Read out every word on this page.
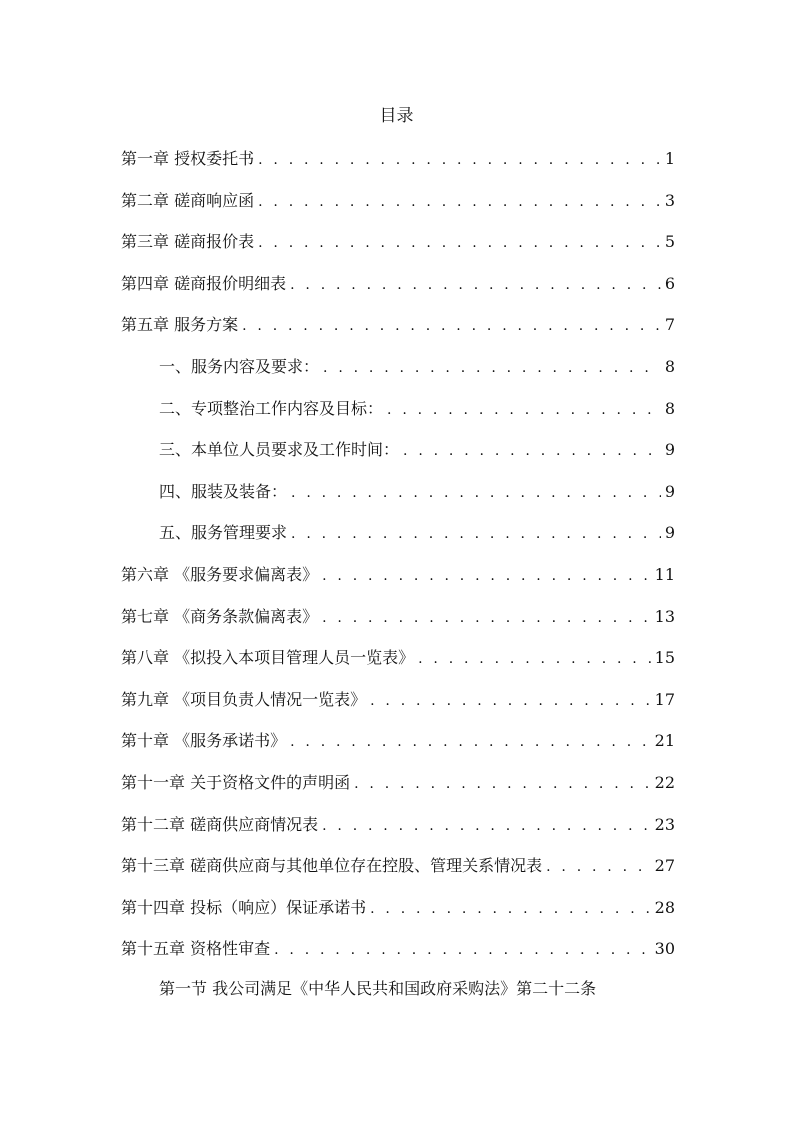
目录
第一章 授权委托书 . . .	1
第二章 磋商响应函 . . .	3
第三章 磋商报价表 . . .	5
第四章 磋商报价明细表 . . .	6
第五章 服务方案 . . .	7
一、服务内容及要求： . . .	8
二、专项整治工作内容及目标： . . .	8
三、本单位人员要求及工作时间： . . .	9
四、服装及装备： . . .	9
五、服务管理要求 . . .	9
第六章 《服务要求偏离表》 . . .	11
第七章 《商务条款偏离表》 . . .	13
第八章 《拟投入本项目管理人员一览表》 . . .	15
第九章 《项目负责人情况一览表》 . . .	17
第十章 《服务承诺书》 . . .	21
第十一章 关于资格文件的声明函 . . .	22
第十二章 磋商供应商情况表 . . .	23
第十三章 磋商供应商与其他单位存在控股、管理关系情况表 . . .	27
第十四章 投标（响应）保证承诺书 . . .	28
第十五章 资格性审查 . . .	30
第一节 我公司满足《中华人民共和国政府采购法》第二十二条
